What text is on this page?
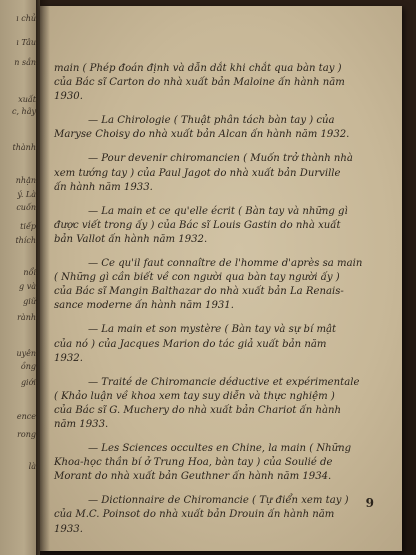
ı chủ
ı Tâu
n sắn
xuất
c, hãy
thành
nhận
ý. Là
cuốn
tiếp
thích
nổi
g và
giữ
rành
uyên
ồng
giới
ence
rong
là
main ( Phép đoán định và dẫn dắt khi chắt qua bàn tay )
của Bác sĩ Carton do nhà xuất bản Maloine ấn hành năm
1930.
— La Chirologie ( Thuật phân tách bàn tay ) của
Maryse Choisy do nhà xuất bản Alcan ấn hành năm 1932.
— Pour devenir chiromancien ( Muốn trở thành nhà
xem tướng tay ) của Paul Jagot do nhà xuất bản Durville
ấn hành năm 1933.
— La main et ce qu'elle écrit ( Bàn tay và những gì
được viết trong ấy ) của Bác sĩ Louis Gastin do nhà xuất
bản Vallot ấn hành năm 1932.
— Ce qu'il faut connaître de l'homme d'après sa main
( Những gì cần biết về con người qua bàn tay người ấy )
của Bác sĩ Mangin Balthazar do nhà xuất bản La Renais-
sance moderne ấn hành năm 1931.
— La main et son mystère ( Bàn tay và sự bí mật
của nó ) của Jacques Marion do tác giả xuất bản năm
1932.
— Traité de Chiromancie déductive et expérimentale
( Khảo luận về khoa xem tay suy diễn và thực nghiệm )
của Bác sĩ G. Muchery do nhà xuất bản Chariot ấn hành
năm 1933.
— Les Sciences occultes en Chine, la main ( Những
Khoa-học thần bí ở Trung Hoa, bàn tay ) của Soulié de
Morant do nhà xuất bản Geuthner ấn hành năm 1934.
— Dictionnaire de Chiromancie ( Tự điển xem tay )
của M.C. Poinsot do nhà xuất bản Drouin ấn hành năm
1933.
9
